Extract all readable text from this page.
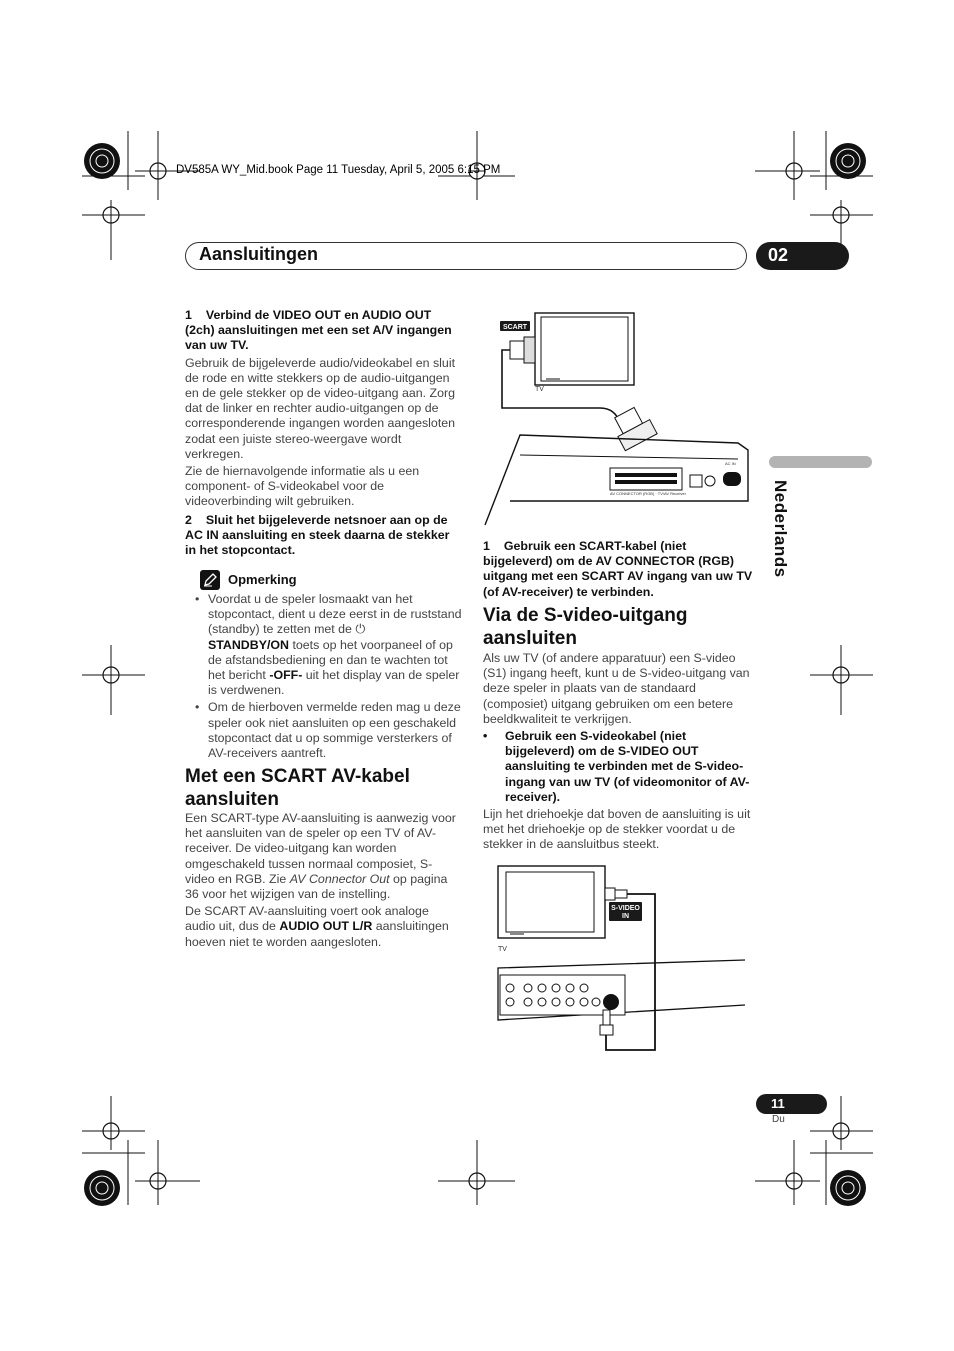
DV585A WY_Mid.book Page 11 Tuesday, April 5, 2005 6:15 PM
Aansluitingen	02
Nederlands

1 Verbind de VIDEO OUT en AUDIO OUT (2ch) aansluitingen met een set A/V ingangen van uw TV.

Gebruik de bijgeleverde audio/videokabel en sluit de rode en witte stekkers op de audio-uitgangen en de gele stekker op de video-uitgang aan. Zorg dat de linker en rechter audio-uitgangen op de corresponderende ingangen worden aangesloten zodat een juiste stereo-weergave wordt verkregen.

Zie de hiernavolgende informatie als u een component- of S-videokabel voor de videoverbinding wilt gebruiken.

2 Sluit het bijgeleverde netsnoer aan op de AC IN aansluiting en steek daarna de stekker in het stopcontact.

Opmerking
• Voordat u de speler losmaakt van het stopcontact, dient u deze eerst in de ruststand (standby) te zetten met de ⏻
STANDBY/ON toets op het voorpaneel of op de afstandsbediening en dan te wachten tot het bericht -OFF- uit het display van de speler is verdwenen.
• Om de hierboven vermelde reden mag u deze speler ook niet aansluiten op een geschakeld stopcontact dat u op sommige versterkers of AV-receivers aantreft.
Met een SCART AV-kabel aansluiten

Een SCART-type AV-aansluiting is aanwezig voor het aansluiten van de speler op een TV of AV-receiver. De video-uitgang kan worden omgeschakeld tussen normaal composiet, S-video en RGB. Zie AV Connector Out op pagina 36 voor het wijzigen van de instelling.

De SCART AV-aansluiting voert ook analoge audio uit, dus de AUDIO OUT L/R aansluitingen hoeven niet te worden aangesloten.

SCART
TV
AV CONNECTOR (RGB) · TV/AV Receiver
AC IN

1 Gebruik een SCART-kabel (niet bijgeleverd) om de AV CONNECTOR (RGB) uitgang met een SCART AV ingang van uw TV (of AV-receiver) te verbinden.

Via de S-video-uitgang aansluiten

Als uw TV (of andere apparatuur) een S-video (S1) ingang heeft, kunt u de S-video-uitgang van deze speler in plaats van de standaard (composiet) uitgang gebruiken om een betere beeldkwaliteit te verkrijgen.

• Gebruik een S-videokabel (niet bijgeleverd) om de S-VIDEO OUT aansluiting te verbinden met de S-video-ingang van uw TV (of videomonitor of AV-receiver).

Lijn het driehoekje dat boven de aansluiting is uit met het driehoekje op de stekker voordat u de stekker in de aansluitbus steekt.

TV
S-VIDEO
IN
11
Du
